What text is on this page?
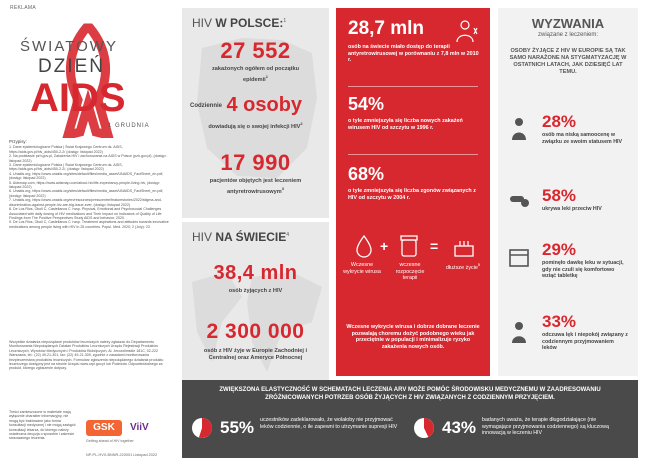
REKLAMA
ŚWIATOWY
DZIEŃ
AIDS
1 GRUDNIA
Przypisy:

1. Dane epidemiologiczne Polska | Świat Krajowego Centrum ds. AIDS, https://aids.gov.pl/hiv_aids/450-2-2/ (dostęp: listopad 2022)

2. Na podstawie pzh.gov.pl, Zakażenia HIV i zachorowania na AIDS w Polsce (pzh.gov.pl), (dostęp: listopad 2022)

3. Dane epidemiologiczne Polska | Świat Krajowego Centrum ds. AIDS, https://aids.gov.pl/hiv_aids/450-2-2/, (dostęp: listopad 2022)

4. Unaids.org, https://www.unaids.org/sites/default/files/media_asset/UNAIDS_FactSheet_en.pdf, (dostęp: listopad 2022)

5. Aidsmap.com, https://www.aidsmap.com/about-hiv/life-expectancy-people-living-hiv, (dostęp: listopad 2022)

6. Unaids.org, https://www.unaids.org/sites/default/files/media_asset/UNAIDS_FactSheet_en.pdf, (dostęp: listopad 2022)

7. Unaids.org, https://www.unaids.org/en/resources/presscentre/featurestories/2022/stigma-and-discrimination-against-people-hiv-are-big-issue-ever, (dostęp: listopad 2022)

8. De Los Rios, Okoli C, Castellanos C i wsp. Physical, Emotional and Psychosocial Challenges Associated with daily dosing of HIV medications and Their Impact on Indicators of Quality of Life Findings from The Positive Perspectives Study AIDS and behavior. 2020.

9. De Los Rios, Okoli C, Castellanos C i wsp. Treatment aspirations and attitudes towards innovative medications among people living with HIV in 25 countries. Popul. Med. 2020; 2 (July): 23

Wszystkie działania niepożądane produktów leczniczych należy zgłaszać do Departamentu Monitorowania Niepożądanych Działań Produktów Leczniczych Urzędu Rejestracji Produktów Leczniczych, Wyrobów Medycznych i Produktów Biobójczych, Al. Jerozolimskie 181C, 02-222 Warszawa, tel.: (22) 49-21-301, fax: (22) 49-21-309, zgodnie z zasadami monitorowania bezpieczeństwa produktów leczniczych. Formularz zgłoszenia niepożądanego działania produktu leczniczego dostępny jest na stronie Urzędu www.urpl.gov.pl lub Podmiotu Odpowiedzialnego za produkt, którego zgłoszenie dotyczy.
Treści zamieszczone w materiale mają wyłącznie charakter informacyjny, nie mogą być traktowane jako forma konsultacji medycznej i nie mogą zastąpić konsultacji lekarza, do którego należy ostateczna decyzja o sposobie i zakresie stosowanego leczenia.
GSK	ViiV
Getting ahead of HIV together
NP-PL-HVX-BNNR-220001 Listopad 2022
HIV W POLSCE:$^1$
27 552
zakażonych ogółem od początku epidemii$^1$
$^{Codziennie}$ 4 osoby
dowiadują się o swojej infekcji HIV$^2$
17 990
pacjentów objętych jest leczeniem antyretrowirusowym$^3$
HIV NA ŚWIECIE$^4$
38,4 mln
osób żyjących z HIV
2 300 000
osób z HIV żyje w Europie Zachodniej i Centralnej oraz Ameryce Północnej
28,7 mln
osób na świecie miało dostęp do terapii antyretrowirusowej w porównaniu z 7,8 mln w 2010 r.
54%
o tyle zmniejszyła się liczba nowych zakażeń wirusem HIV od szczytu w 1996 r.
68%
o tyle zmniejszyła się liczba zgonów związanych z HIV od szczytu w 2004 r.
+	=
Wczesne wykrycie wirusa
wczesne rozpoczęcie terapii
dłuższe życie$^5$
Wczesne wykrycie wirusa i dobrze dobrane leczenie pozwalają choremu dożyć podobnego wieku jak przeciętnie w populacji i minimalizuje ryzyko zakażenia nowych osób.
WYZWANIA
związane z leczeniem:
OSOBY ŻYJĄCE Z HIV W EUROPIE SĄ TAK SAMO NARAŻONE NA STYGMATYZACJĘ W OSTATNICH LATACH, JAK DZIESIĘĆ LAT TEMU.
28%
osób ma niską samoocenę w związku ze swoim statusem HIV
58%
ukrywa leki przeciw HIV
29%
pominęło dawkę leku w sytuacji, gdy nie czuli się komfortowo wziąć tabletkę
33%
odczuwa lęk i niepokój związany z codziennym przyjmowaniem leków
ZWIĘKSZONA ELASTYCZNOŚĆ W SCHEMATACH LECZENIA ARV MOŻE POMÓC ŚRODOWISKU MEDYCZNEMU W ZAADRESOWANIU ZRÓŻNICOWANYCH POTRZEB OSÓB ŻYJĄCYCH Z HIV ZWIĄZANYCH Z CODZIENNYM PRZYJĘCIEM.
55% uczestników zadeklarowało, że wolałoby nie przyjmować leków codziennie, o ile zapewni to utrzymanie supresji HIV	43% badanych uważa, że terapie długodziałające (nie wymagające przyjmowania codziennego) są kluczową innowacją w leczeniu HIV
